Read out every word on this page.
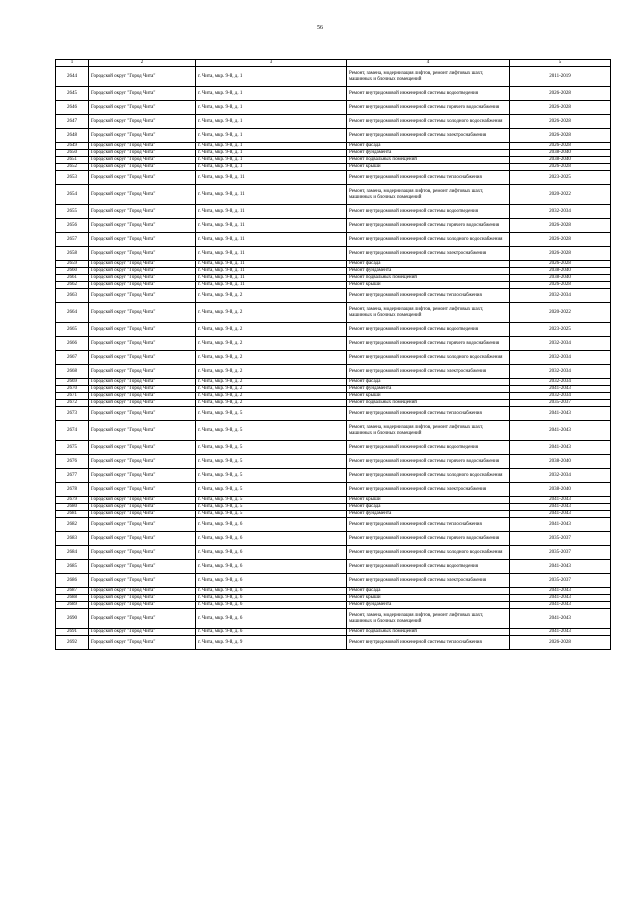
56
1	2	3	4	5
2644	Городской округ "Город Чита"	г. Чита, мкр. 9-й, д. 1	Ремонт, замена, модернизация лифтов, ремонт лифтовых шахт, машинных и блочных помещений	2011-2019
2645	Городской округ "Город Чита"	г. Чита, мкр. 9-й, д. 1	Ремонт внутридомовой инженерной системы водоотведения	2026-2028
2646	Городской округ "Город Чита"	г. Чита, мкр. 9-й, д. 1	Ремонт внутридомовой инженерной системы горячего водоснабжения	2026-2028
2647	Городской округ "Город Чита"	г. Чита, мкр. 9-й, д. 1	Ремонт внутридомовой инженерной системы холодного водоснабжения	2026-2028
2648	Городской округ "Город Чита"	г. Чита, мкр. 9-й, д. 1	Ремонт внутридомовой инженерной системы электроснабжения	2026-2028
2649	Городской округ "Город Чита"	г. Чита, мкр. 9-й, д. 1	Ремонт фасада	2026-2028
2650	Городской округ "Город Чита"	г. Чита, мкр. 9-й, д. 1	Ремонт фундамента	2038-2040
2651	Городской округ "Город Чита"	г. Чита, мкр. 9-й, д. 1	Ремонт подвальных помещений	2038-2040
2652	Городской округ "Город Чита"	г. Чита, мкр. 9-й, д. 1	Ремонт крыши	2026-2028
2653	Городской округ "Город Чита"	г. Чита, мкр. 9-й, д. 11	Ремонт внутридомовой инженерной системы теплоснабжения	2023-2025
2654	Городской округ "Город Чита"	г. Чита, мкр. 9-й, д. 11	Ремонт, замена, модернизация лифтов, ремонт лифтовых шахт, машинных и блочных помещений	2020-2022
2655	Городской округ "Город Чита"	г. Чита, мкр. 9-й, д. 11	Ремонт внутридомовой инженерной системы водоотведения	2032-2034
2656	Городской округ "Город Чита"	г. Чита, мкр. 9-й, д. 11	Ремонт внутридомовой инженерной системы горячего водоснабжения	2026-2028
2657	Городской округ "Город Чита"	г. Чита, мкр. 9-й, д. 11	Ремонт внутридомовой инженерной системы холодного водоснабжения	2026-2028
2658	Городской округ "Город Чита"	г. Чита, мкр. 9-й, д. 11	Ремонт внутридомовой инженерной системы электроснабжения	2026-2028
2659	Городской округ "Город Чита"	г. Чита, мкр. 9-й, д. 11	Ремонт фасада	2026-2028
2660	Городской округ "Город Чита"	г. Чита, мкр. 9-й, д. 11	Ремонт фундамента	2038-2040
2661	Городской округ "Город Чита"	г. Чита, мкр. 9-й, д. 11	Ремонт подвальных помещений	2038-2040
2662	Городской округ "Город Чита"	г. Чита, мкр. 9-й, д. 11	Ремонт крыши	2026-2028
2663	Городской округ "Город Чита"	г. Чита, мкр. 9-й, д. 2	Ремонт внутридомовой инженерной системы теплоснабжения	2032-2034
2664	Городской округ "Город Чита"	г. Чита, мкр. 9-й, д. 2	Ремонт, замена, модернизация лифтов, ремонт лифтовых шахт, машинных и блочных помещений	2020-2022
2665	Городской округ "Город Чита"	г. Чита, мкр. 9-й, д. 2	Ремонт внутридомовой инженерной системы водоотведения	2023-2025
2666	Городской округ "Город Чита"	г. Чита, мкр. 9-й, д. 2	Ремонт внутридомовой инженерной системы горячего водоснабжения	2032-2034
2667	Городской округ "Город Чита"	г. Чита, мкр. 9-й, д. 2	Ремонт внутридомовой инженерной системы холодного водоснабжения	2032-2034
2668	Городской округ "Город Чита"	г. Чита, мкр. 9-й, д. 2	Ремонт внутридомовой инженерной системы электроснабжения	2032-2034
2669	Городской округ "Город Чита"	г. Чита, мкр. 9-й, д. 2	Ремонт фасада	2032-2034
2670	Городской округ "Город Чита"	г. Чита, мкр. 9-й, д. 2	Ремонт фундамента	2041-2043
2671	Городской округ "Город Чита"	г. Чита, мкр. 9-й, д. 2	Ремонт крыши	2032-2034
2672	Городской округ "Город Чита"	г. Чита, мкр. 9-й, д. 2	Ремонт подвальных помещений	2035-2037
2673	Городской округ "Город Чита"	г. Чита, мкр. 9-й, д. 5	Ремонт внутридомовой инженерной системы теплоснабжения	2041-2043
2674	Городской округ "Город Чита"	г. Чита, мкр. 9-й, д. 5	Ремонт, замена, модернизация лифтов, ремонт лифтовых шахт, машинных и блочных помещений	2041-2043
2675	Городской округ "Город Чита"	г. Чита, мкр. 9-й, д. 5	Ремонт внутридомовой инженерной системы водоотведения	2041-2043
2676	Городской округ "Город Чита"	г. Чита, мкр. 9-й, д. 5	Ремонт внутридомовой инженерной системы горячего водоснабжения	2038-2040
2677	Городской округ "Город Чита"	г. Чита, мкр. 9-й, д. 5	Ремонт внутридомовой инженерной системы холодного водоснабжения	2032-2034
2678	Городской округ "Город Чита"	г. Чита, мкр. 9-й, д. 5	Ремонт внутридомовой инженерной системы электроснабжения	2038-2040
2679	Городской округ "Город Чита"	г. Чита, мкр. 9-й, д. 5	Ремонт крыши	2041-2043
2680	Городской округ "Город Чита"	г. Чита, мкр. 9-й, д. 5	Ремонт фасада	2041-2043
2681	Городской округ "Город Чита"	г. Чита, мкр. 9-й, д. 5	Ремонт фундамента	2041-2043
2682	Городской округ "Город Чита"	г. Чита, мкр. 9-й, д. 6	Ремонт внутридомовой инженерной системы теплоснабжения	2041-2043
2683	Городской округ "Город Чита"	г. Чита, мкр. 9-й, д. 6	Ремонт внутридомовой инженерной системы горячего водоснабжения	2035-2037
2684	Городской округ "Город Чита"	г. Чита, мкр. 9-й, д. 6	Ремонт внутридомовой инженерной системы холодного водоснабжения	2035-2037
2685	Городской округ "Город Чита"	г. Чита, мкр. 9-й, д. 6	Ремонт внутридомовой инженерной системы водоотведения	2041-2043
2686	Городской округ "Город Чита"	г. Чита, мкр. 9-й, д. 6	Ремонт внутридомовой инженерной системы электроснабжения	2035-2037
2687	Городской округ "Город Чита"	г. Чита, мкр. 9-й, д. 6	Ремонт фасада	2041-2043
2688	Городской округ "Город Чита"	г. Чита, мкр. 9-й, д. 6	Ремонт крыши	2041-2043
2689	Городской округ "Город Чита"	г. Чита, мкр. 9-й, д. 6	Ремонт фундамента	2041-2043
2690	Городской округ "Город Чита"	г. Чита, мкр. 9-й, д. 6	Ремонт, замена, модернизация лифтов, ремонт лифтовых шахт, машинных и блочных помещений	2041-2043
2691	Городской округ "Город Чита"	г. Чита, мкр. 9-й, д. 6	Ремонт подвальных помещений	2041-2043
2692	Городской округ "Город Чита"	г. Чита, мкр. 9-й, д. 9	Ремонт внутридомовой инженерной системы теплоснабжения	2026-2028
